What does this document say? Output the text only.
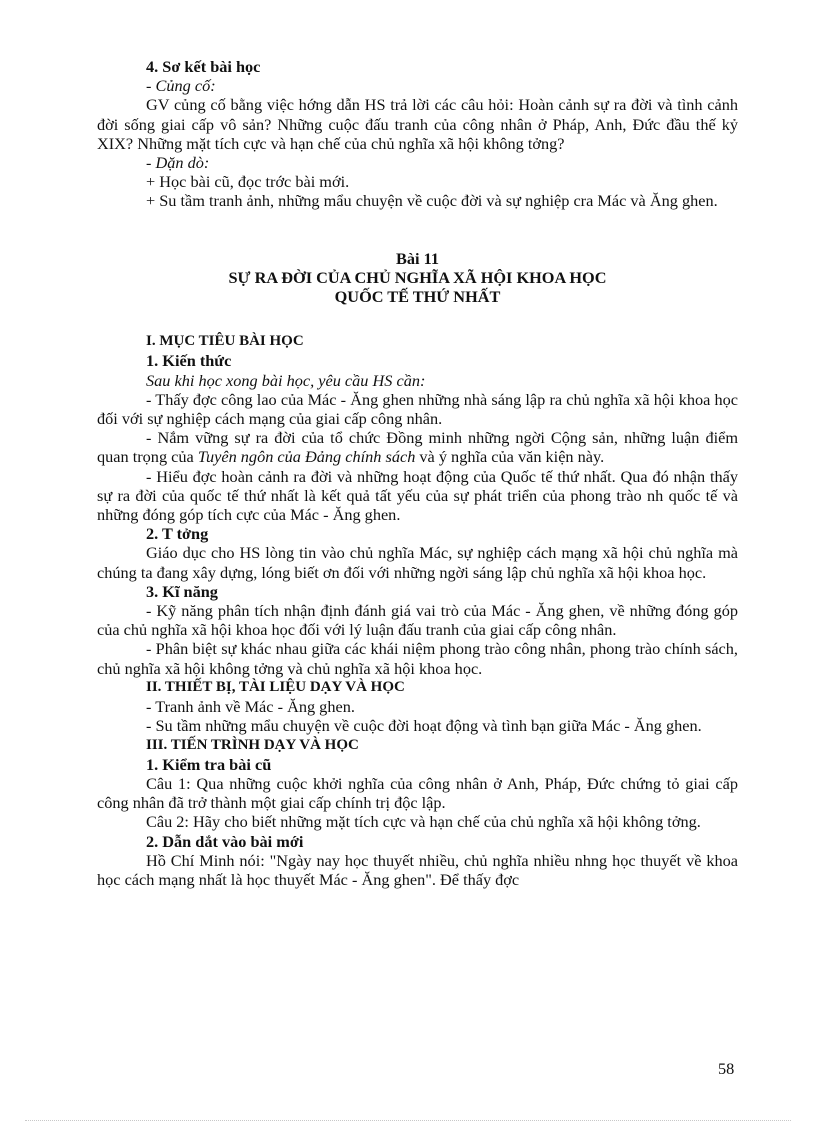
4. Sơ kết bài học

- Củng cố:

GV củng cố bằng việc hớng dẫn HS trả lời các câu hỏi: Hoàn cảnh sự ra đời và tình cảnh đời sống giai cấp vô sản? Những cuộc đấu tranh của công nhân ở Pháp, Anh, Đức đầu thế kỷ XIX? Những mặt tích cực và hạn chế của chủ nghĩa xã hội không tởng?

- Dặn dò:

+ Học bài cũ, đọc trớc bài mới.

+ Su tầm tranh ảnh, những mẩu chuyện về cuộc đời và sự nghiệp cra Mác và Ăng ghen.

Bài 11

SỰ RA ĐỜI CỦA CHỦ NGHĨA XÃ HỘI KHOA HỌC

QUỐC TẾ THỨ NHẤT

I. MỤC TIÊU BÀI HỌC

1. Kiến thức

Sau khi học xong bài học, yêu cầu HS cần:

- Thấy đợc công lao của Mác - Ăng ghen những nhà sáng lập ra chủ nghĩa xã hội khoa học đối với sự nghiệp cách mạng của giai cấp công nhân.

- Nắm vững sự ra đời của tổ chức Đồng minh những ngời Cộng sản, những luận điểm quan trọng của Tuyên ngôn của Đảng chính sách và ý nghĩa của văn kiện này.

- Hiểu đợc hoàn cảnh ra đời và những hoạt động của Quốc tế thứ nhất. Qua đó nhận thấy sự ra đời của quốc tế thứ nhất là kết quả tất yếu của sự phát triển của phong trào nh quốc tế và những đóng góp tích cực của Mác - Ăng ghen.

2. T tởng

Giáo dục cho HS lòng tin vào chủ nghĩa Mác, sự nghiệp cách mạng xã hội chủ nghĩa mà chúng ta đang xây dựng, lóng biết ơn đối với những ngời sáng lập chủ nghĩa xã hội khoa học.

3. Kĩ năng

- Kỹ năng phân tích nhận định đánh giá vai trò của Mác - Ăng ghen, về những đóng góp của chủ nghĩa xã hội khoa học đối với lý luận đấu tranh của giai cấp công nhân.

- Phân biệt sự khác nhau giữa các khái niệm phong trào công nhân, phong trào chính sách, chủ nghĩa xã hội không tởng và chủ nghĩa xã hội khoa học.

II. THIẾT BỊ, TÀI LIỆU DẠY VÀ HỌC

- Tranh ảnh về Mác - Ăng ghen.

- Su tầm những mẩu chuyện về cuộc đời hoạt động và tình bạn giữa Mác - Ăng ghen.

III. TIẾN TRÌNH DẠY VÀ HỌC

1. Kiểm tra bài cũ

Câu 1: Qua những cuộc khởi nghĩa của công nhân ở Anh, Pháp, Đức chứng tỏ giai cấp công nhân đã trở thành một giai cấp chính trị độc lập.

Câu 2: Hãy cho biết những mặt tích cực và hạn chế của chủ nghĩa xã hội không tởng.

2. Dẫn dắt vào bài mới

Hồ Chí Minh nói: "Ngày nay học thuyết nhiều, chủ nghĩa nhiều nhng học thuyết về khoa học cách mạng nhất là học thuyết Mác - Ăng ghen". Để thấy đợc

58
